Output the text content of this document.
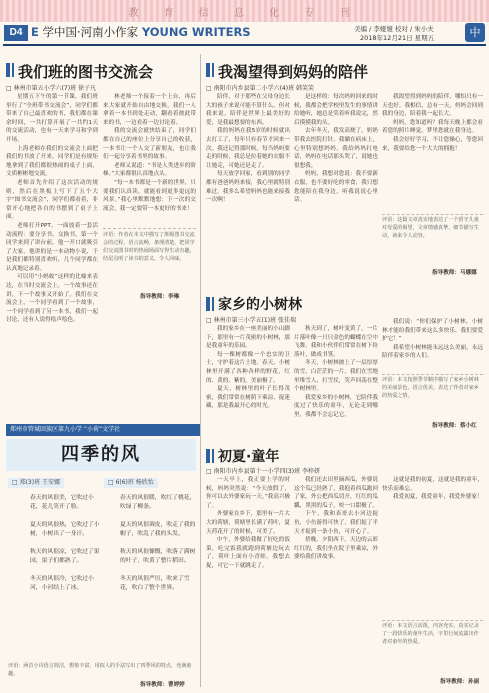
教 育 信 息 化 专 刊
D4 E 学中国·河南小作家 YOUNG WRITERS	美编 / 李娅娅 校对 / 朱小夫
2018年12月21日 星期五	中
我们班的图书交流会
□ 林州市第五小学六(7)班 徐子凡

星期五下午的第一节课，我们班举行了“全班带书交流会”，同学们都带来了自己最喜欢的书，我们都在课余时间，一共打算开展了一共约1天的交流活动，也有一天来学习和学到开场。

上海老师在我们的交流会上面把我们的书放了开来，同学们是有规矩地拿到了我们都很热闹的桌子上面，文质彬彬地交流。

老师首先介绍了这次活动的规则，然后在黑板上写下了五个大字“图书交流会”，同学们都看着，非常开心地把各自的书摆到了桌子上面。

老师打开PPT，一面放着一套活动流程：要分享书，交换书，第一个同学来到了讲台前，他一开口就吸引了大家，他讲的是一本动物小说，于是我们都特别喜欢听，几个同学都在认真地记录着。

可以用“小蚂蚁”这样的比喻来表达，在当时交流会上，一个故事还在讲，下一个故事又开始了。我们在交流会上，一个同学看到了一个故事，一个同学看到了另一本书，我们一起讨论，还有人说得绘声绘色。

林老师一个接着一个上台，再后来大家就开始自由地交换，我们一人拿着一本书到处走动，翻看着彼此带来的书，一边看着一边讨论着。

我的交流会就快结束了，同学们都在自己的座位上分享自己的收获，一本书让一个人交了新朋友，也让我们一起分享着书里的故事。

老师又说道：“书是人类进步的阶梯。”大家都很认真地点头。

“每一本书都是一个新的世界，只要我们认真读，就能看到更多更远的风景。”我心里默默地想：下一次的交流会，我一定要带一本更好的书来！

评语：作者在本文中描写了班级图书交流会的过程，语言流畅，条理清楚，把同学们交流图书时的热闹场面写得生动有趣，结尾点明了读书的意义，令人回味。
指导教师：李琳
郑州市管城回族区第九小学 “小荷”文学社
四季的风
□ 郑(3)班 王安娜	□ 6(6)班 杨欣怡

春天的风很美，它吹过小花，花儿笑开了脸。

夏天的风很热，它吹过了小树，小树出了一身汗。

秋天的风很凉，它吹过了果园，果子们都熟了。

冬天的风很冷，它吹过小河，小河结上了冰。

春天的风很暖，吹红了桃花，吹绿了柳条。

夏天的风很调皮，吹走了我的帽子，吹乱了我的头发。

秋天的风很慷慨，吹落了满树的叶子，吹黄了整片稻田。

冬天的风很严厉，吹来了雪花，吹白了整个世界。

评语：两首小诗语言简洁，想象丰富，用拟人的手法写出了四季风的特点，充满童趣。
指导教师：曹婷婷
我渴望得到妈妈的陪伴
□ 南阳市内乡县第二小学六(4)班 韩笑笑

陪伴，对于那些在父母身边长大的孩子来说可能不算什么，但对我来说，陪伴是世界上最美好的爱，是我最想要的东西。

我的妈妈在我5岁的时候就出去打工了，每年只有春节才回来一次。我还记得那时候，每当妈妈要走的时候，我总是拉着她的衣服不让她走，可她还是走了。

每天放学回家，看到别的同学都有爸爸妈妈来接，我心里就特别难过。我多么希望妈妈也能来接我一次啊！

是这样的：每次妈妈回来的时候，我都会把学校里发生的事情讲给她听，她总是笑着听我说完，然后摸摸我的头。

去年冬天，我发高烧了，奶奶带我去医院打针。我躺在病床上，心里特别想妈妈，我给妈妈打电话，妈妈在电话那头哭了，说她也很想我。

妈妈，我想对您说：我不要新衣服，也不要好吃的零食，我只想您能陪在我身边，听我说说心里话。

我渴望得到妈妈的陪伴，哪怕只有一天也好。我相信，总有一天，妈妈会回到我的身边，陪着我一起长大。

妈妈，您知道吗？我每天晚上都会看着您的照片睡觉，梦里您就在我身边。

我会好好学习，不让您操心，等您回来，我要给您一个大大的拥抱！

评语：这篇文章真实地表达了一个留守儿童对母爱的渴望，文章情感真挚，细节描写生动，读来令人动容。
指导教师：马娜娜
家乡的小树林
□ 林州市第三小学五(1)班 张佳瑞

我的家乡在一座美丽的小山脚下，那里有一片茂密的小树林，那是我童年的乐园。

每一棵树都像一个忠实的卫士，守护着这片土地。春天，小树林里开满了各种各样的野花，红的、黄的、紫的，美丽极了。

夏天，树林里的叶子长得茂密，我们常常在树荫下乘凉、捉迷藏，那是我最开心的时光。

秋天到了，树叶变黄了，一片片落叶像一只只金色的蝴蝶在空中飞舞。我和小伙伴们常常在树下捡落叶，做成书签。

冬天，小树林披上了一层厚厚的雪，白茫茫的一片，我们在雪地里堆雪人、打雪仗，笑声回荡在整个树林里。

我爱家乡的小树林，它陪伴我度过了快乐的童年，无论走到哪里，我都不会忘记它。

我们说：“你们保护了小树林，小树林才能给我们带来这么多快乐，我们要爱护它！”

我希望小树林能永远这么美丽，永远陪伴着家乡的人们。

评语：本文按照季节顺序描写了家乡小树林的美丽景色，语言优美，表达了作者对家乡的热爱之情。
指导教师：蔡小红
初夏·童年
□ 南阳市内乡县第十一小学四(3)班 李梓妍

一天早上，我正要上学的时候，妈妈突然说：“今天放假了，你可以去外婆家玩一天。”我高兴极了。

外婆家在乡下，那里有一片大大的荷塘，荷塘里长满了荷叶，夏天荷花开了的时候，可美了。

中午，外婆给我做了好吃的饭菜，吃完饭我就跑到荷塘边玩去了，荷叶上面有小青蛙，我想去捉，可它一下就跳走了。

我们还去田里摘西瓜，外婆说这个瓜已经熟了，我抱着西瓜跑回了家。外公把西瓜切开，红红的瓜瓤，黑黑的瓜子，咬一口甜极了。

下午，我和表哥去小河边捉鱼，小鱼游得可快了，我们捉了半天才捉到一条小鱼，可开心了。

傍晚，夕阳西下，天边的云彩红红的，我们坐在院子里乘凉，外婆给我们讲故事。

这就是我的初夏，这就是我的童年，快乐而难忘。

我爱初夏，我爱童年，我爱外婆家！

评语：本文语言活泼，内容充实，真实记录了一段快乐的童年生活，字里行间流露出作者对童年的热爱。
指导教师：孙丽
